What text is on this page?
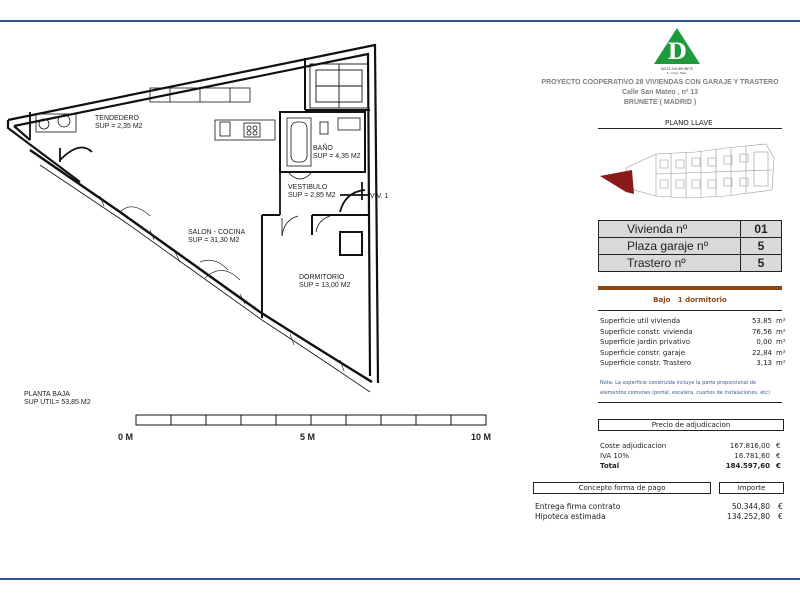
TENDEDERO
SUP = 2,35 M2
BAÑO
SUP = 4,35 M2
VESTIBULO
SUP = 2,85 M2	VIV. 1
SALON - COCINA
SUP = 31,30 M2
DORMITORIO
SUP = 13,00 M2
PLANTA BAJA
SUP UTIL= 53,85 M2
0 M	5 M	10 M
D
DELTA SIN BRUNETE
S. Coop. Mad.
PROYECTO COOPERATIVO 28 VIVIENDAS CON GARAJE Y TRASTERO
Calle San Mateo , nº 13
BRUNETE ( MADRID )
PLANO LLAVE
Vivienda nº	01
Plaza garaje nº	5
Trastero nº	5
Bajo 1 dormitorio
Superficie util vivienda	53,85 m²
Superficie constr. vivienda	76,56 m²
Superficie jardin privativo	0,00 m²
Superficie constr. garaje	22,84 m²
Superficie constr. Trastero	3,13 m²
Nota: La superficie construida incluye la parte proporcional de elementos comunes (portal, escalera, cuartos de instalaciones, etc)
Precio de adjudicacion
Coste adjudicacion	167.816,00 €
IVA 10%	16.781,60 €
Total	184.597,60 €
Concepto forma de pago	Importe
Entrega firma contrato	50.344,80 €
Hipoteca estimada	134.252,80 €
